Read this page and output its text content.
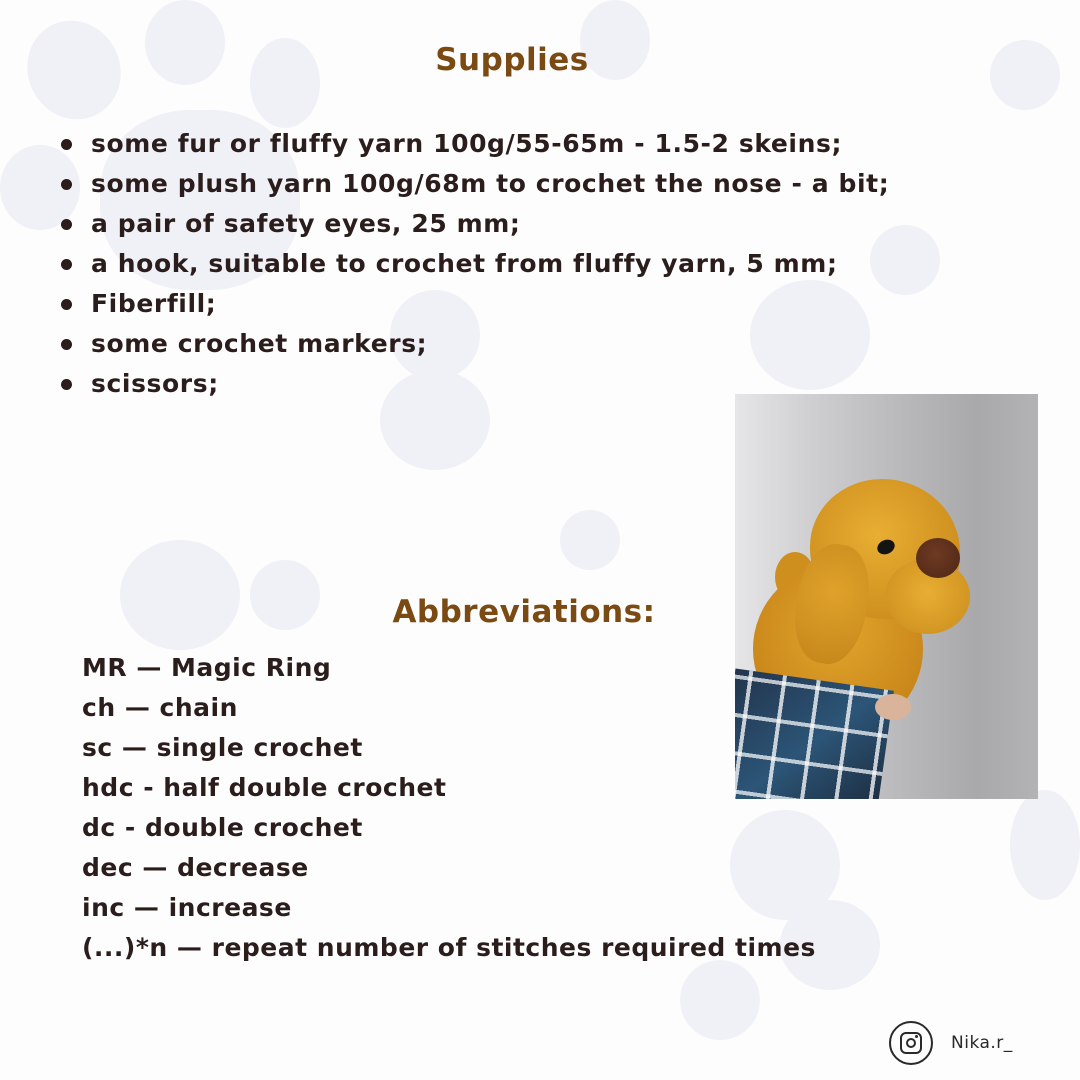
Supplies
some fur or fluffy yarn 100g/55-65m - 1.5-2 skeins;
some plush yarn 100g/68m to crochet the nose - a bit;
a pair of safety eyes, 25 mm;
a hook, suitable to crochet from fluffy yarn, 5 mm;
Fiberfill;
some crochet markers;
scissors;
Abbreviations:
MR — Magic Ring
ch — chain
sc — single crochet
hdc - half double crochet
dc - double crochet
dec — decrease
inc — increase
(...)*n — repeat number of stitches required times
Nika.r_
